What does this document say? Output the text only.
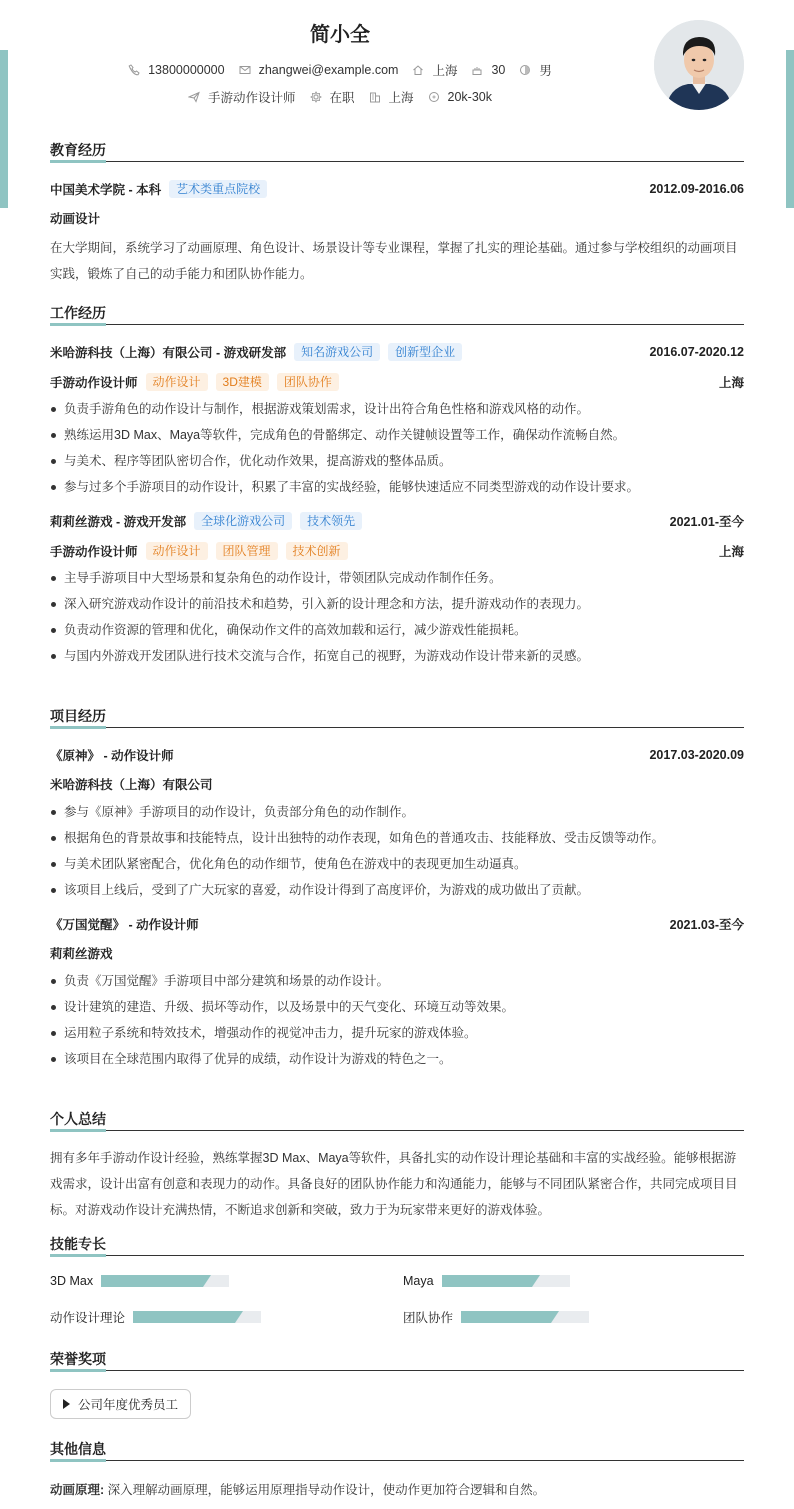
简小全
13800000000	zhangwei@example.com	上海	30	男
手游动作设计师	在职	上海	20k-30k
教育经历
中国美术学院 - 本科	艺术类重点院校	2012.09-2016.06
动画设计
在大学期间，系统学习了动画原理、角色设计、场景设计等专业课程，掌握了扎实的理论基础。通过参与学校组织的动画项目实践，锻炼了自己的动手能力和团队协作能力。
工作经历
米哈游科技（上海）有限公司 - 游戏研发部	知名游戏公司	创新型企业	2016.07-2020.12
手游动作设计师	动作设计	3D建模	团队协作	上海
负责手游角色的动作设计与制作，根据游戏策划需求，设计出符合角色性格和游戏风格的动作。
熟练运用3D Max、Maya等软件，完成角色的骨骼绑定、动作关键帧设置等工作，确保动作流畅自然。
与美术、程序等团队密切合作，优化动作效果，提高游戏的整体品质。
参与过多个手游项目的动作设计，积累了丰富的实战经验，能够快速适应不同类型游戏的动作设计要求。
莉莉丝游戏 - 游戏开发部	全球化游戏公司	技术领先	2021.01-至今
手游动作设计师	动作设计	团队管理	技术创新	上海
主导手游项目中大型场景和复杂角色的动作设计，带领团队完成动作制作任务。
深入研究游戏动作设计的前沿技术和趋势，引入新的设计理念和方法，提升游戏动作的表现力。
负责动作资源的管理和优化，确保动作文件的高效加载和运行，减少游戏性能损耗。
与国内外游戏开发团队进行技术交流与合作，拓宽自己的视野，为游戏动作设计带来新的灵感。
项目经历
《原神》 - 动作设计师	2017.03-2020.09
米哈游科技（上海）有限公司
参与《原神》手游项目的动作设计，负责部分角色的动作制作。
根据角色的背景故事和技能特点，设计出独特的动作表现，如角色的普通攻击、技能释放、受击反馈等动作。
与美术团队紧密配合，优化角色的动作细节，使角色在游戏中的表现更加生动逼真。
该项目上线后，受到了广大玩家的喜爱，动作设计得到了高度评价，为游戏的成功做出了贡献。
《万国觉醒》 - 动作设计师	2021.03-至今
莉莉丝游戏
负责《万国觉醒》手游项目中部分建筑和场景的动作设计。
设计建筑的建造、升级、损坏等动作，以及场景中的天气变化、环境互动等效果。
运用粒子系统和特效技术，增强动作的视觉冲击力，提升玩家的游戏体验。
该项目在全球范围内取得了优异的成绩，动作设计为游戏的特色之一。
个人总结
拥有多年手游动作设计经验，熟练掌握3D Max、Maya等软件，具备扎实的动作设计理论基础和丰富的实战经验。能够根据游戏需求，设计出富有创意和表现力的动作。具备良好的团队协作能力和沟通能力，能够与不同团队紧密合作，共同完成项目目标。对游戏动作设计充满热情，不断追求创新和突破，致力于为玩家带来更好的游戏体验。
技能专长
3D Max	Maya
动作设计理论	团队协作
荣誉奖项
公司年度优秀员工
其他信息
动画原理: 深入理解动画原理，能够运用原理指导动作设计，使动作更加符合逻辑和自然。
